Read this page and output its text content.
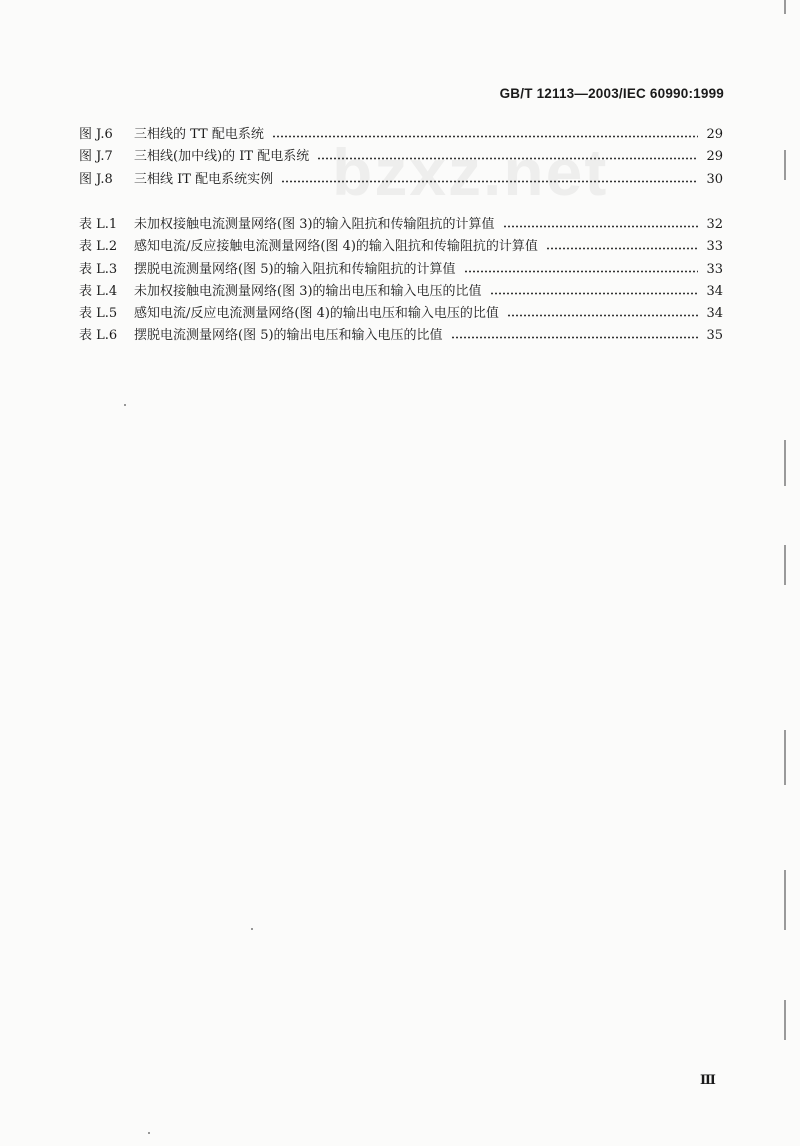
GB/T 12113—2003/IEC 60990:1999
bzxz.net
图 J.6	三相线的 TT 配电系统	29
图 J.7	三相线(加中线)的 IT 配电系统	29
图 J.8	三相线 IT 配电系统实例	30
表 L.1	未加权接触电流测量网络(图 3)的输入阻抗和传输阻抗的计算值	32
表 L.2	感知电流/反应接触电流测量网络(图 4)的输入阻抗和传输阻抗的计算值	33
表 L.3	摆脱电流测量网络(图 5)的输入阻抗和传输阻抗的计算值	33
表 L.4	未加权接触电流测量网络(图 3)的输出电压和输入电压的比值	34
表 L.5	感知电流/反应电流测量网络(图 4)的输出电压和输入电压的比值	34
表 L.6	摆脱电流测量网络(图 5)的输出电压和输入电压的比值	35
Ⅲ
